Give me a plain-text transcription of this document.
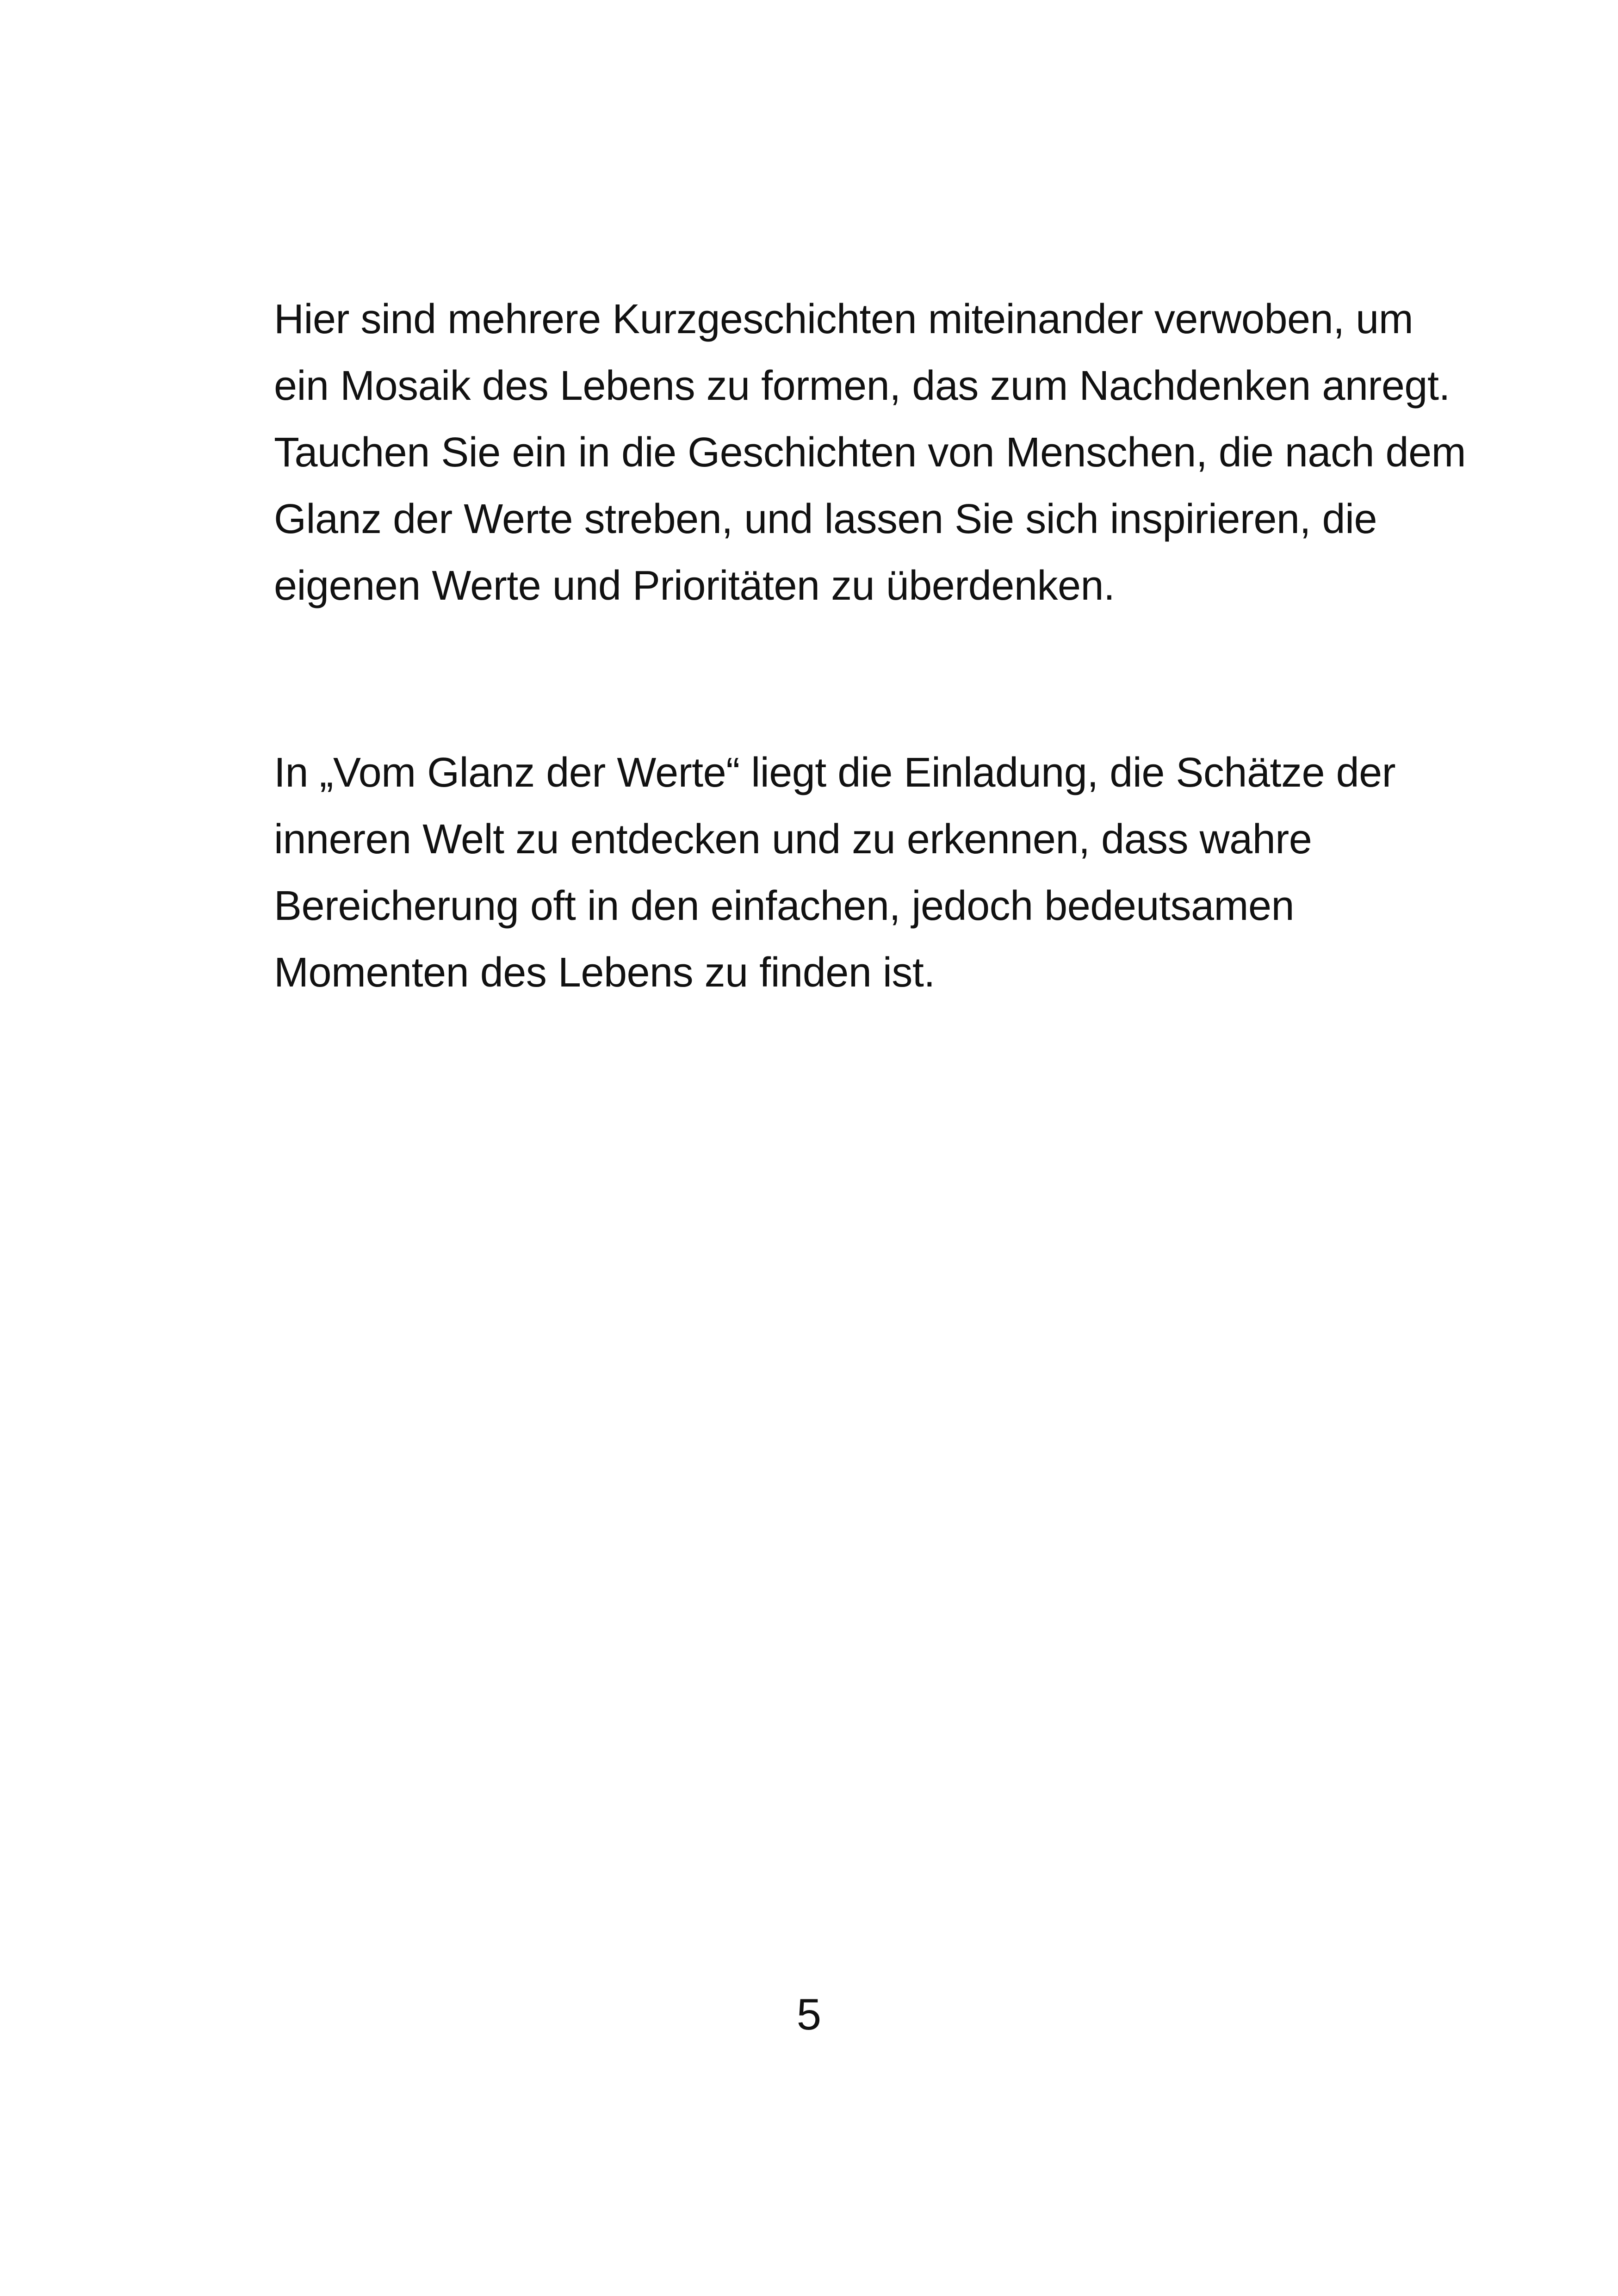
Hier sind mehrere Kurzgeschichten miteinander verwoben, um
ein Mosaik des Lebens zu formen, das zum Nachdenken anregt.
Tauchen Sie ein in die Geschichten von Menschen, die nach dem
Glanz der Werte streben, und lassen Sie sich inspirieren, die
eigenen Werte und Prioritäten zu überdenken.
In „Vom Glanz der Werte“ liegt die Einladung, die Schätze der
inneren Welt zu entdecken und zu erkennen, dass wahre
Bereicherung oft in den einfachen, jedoch bedeutsamen
Momenten des Lebens zu finden ist.
5
